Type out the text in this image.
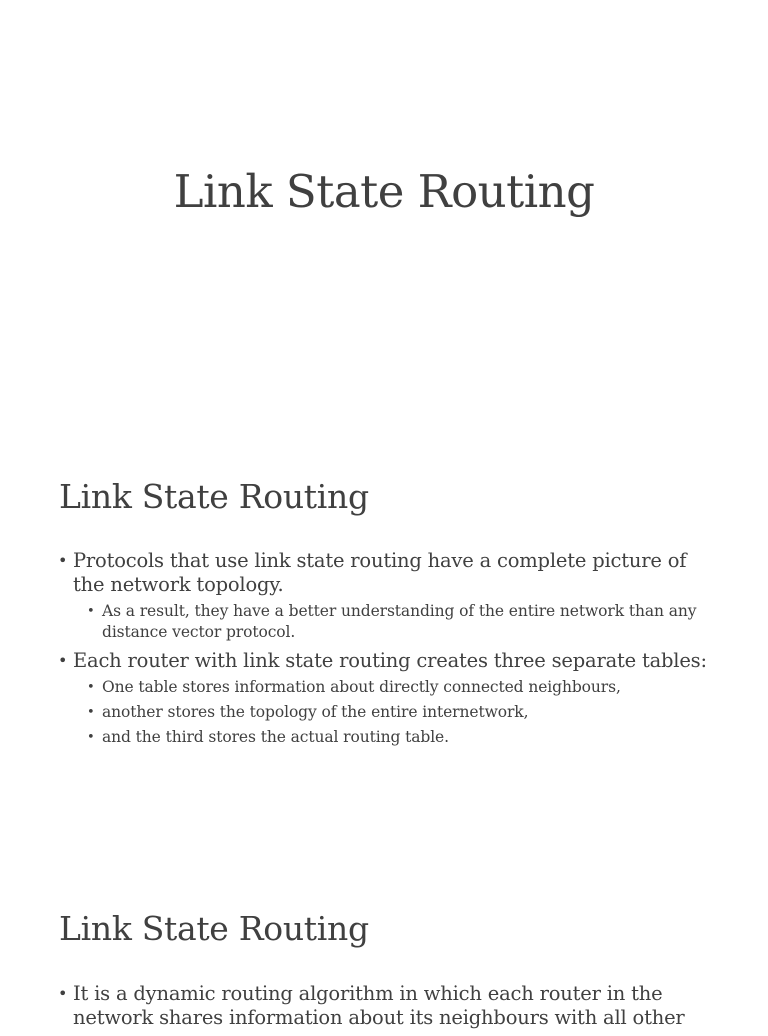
Link State Routing
Link State Routing
• Protocols that use link state routing have a complete picture of the network topology.
• As a result, they have a better understanding of the entire network than any distance vector protocol.
• Each router with link state routing creates three separate tables:
• One table stores information about directly connected neighbours,
• another stores the topology of the entire internetwork,
• and the third stores the actual routing table.
Link State Routing
• It is a dynamic routing algorithm in which each router in the network shares information about its neighbours with all other
